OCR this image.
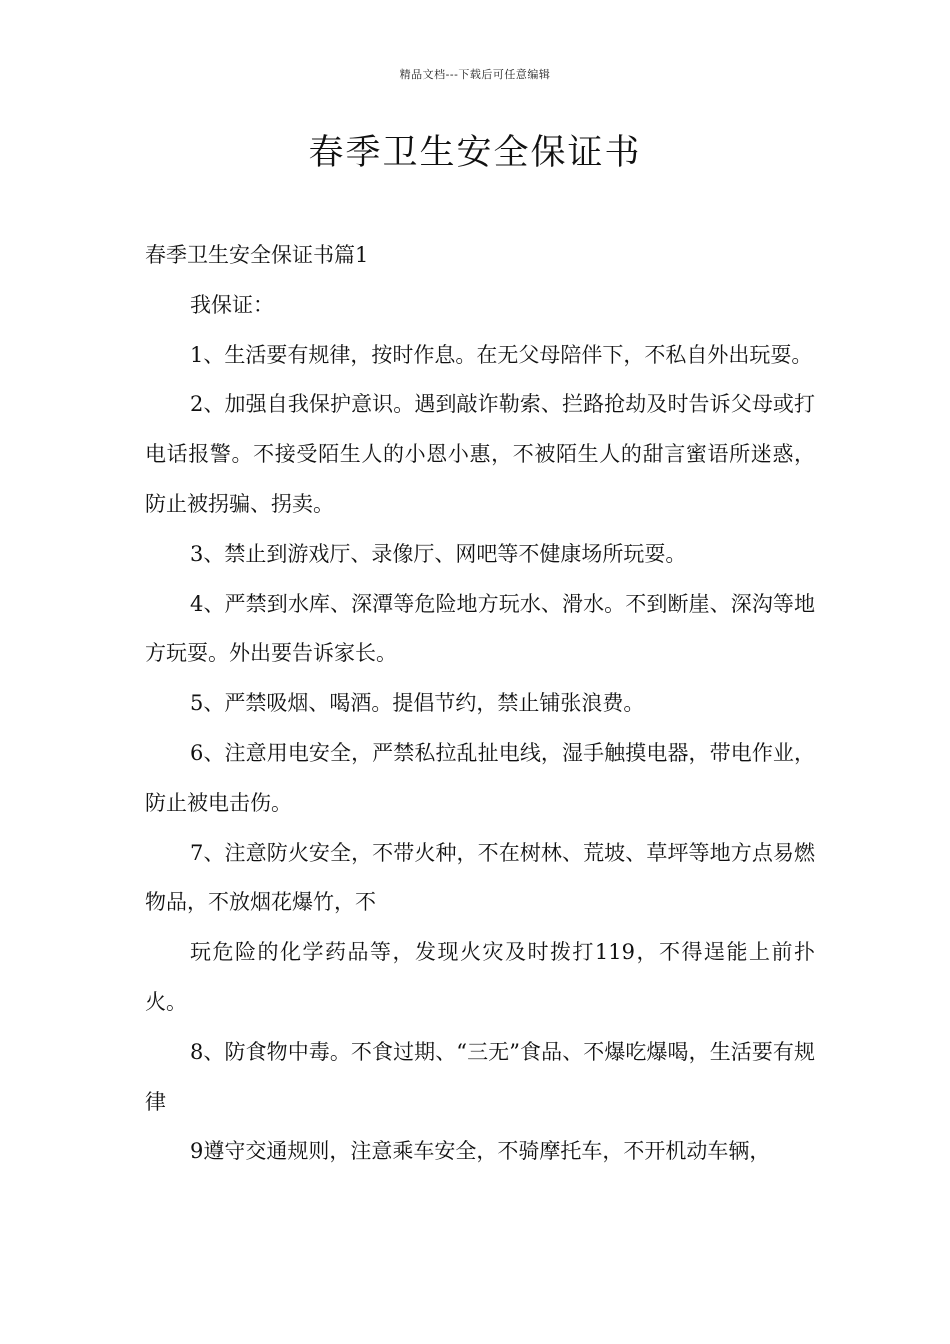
精品文档---下载后可任意编辑
春季卫生安全保证书

春季卫生安全保证书篇1

我保证：

1、生活要有规律，按时作息。在无父母陪伴下，不私自外出玩耍。

2、加强自我保护意识。遇到敲诈勒索、拦路抢劫及时告诉父母或打电话报警。不接受陌生人的小恩小惠，不被陌生人的甜言蜜语所迷惑，防止被拐骗、拐卖。

3、禁止到游戏厅、录像厅、网吧等不健康场所玩耍。

4、严禁到水库、深潭等危险地方玩水、滑水。不到断崖、深沟等地方玩耍。外出要告诉家长。

5、严禁吸烟、喝酒。提倡节约，禁止铺张浪费。

6、注意用电安全，严禁私拉乱扯电线，湿手触摸电器，带电作业，防止被电击伤。

7、注意防火安全，不带火种，不在树林、荒坡、草坪等地方点易燃物品，不放烟花爆竹，不

玩危险的化学药品等，发现火灾及时拨打119，不得逞能上前扑火。

8、防食物中毒。不食过期、“三无”食品、不爆吃爆喝，生活要有规律

9遵守交通规则，注意乘车安全，不骑摩托车，不开机动车辆，
